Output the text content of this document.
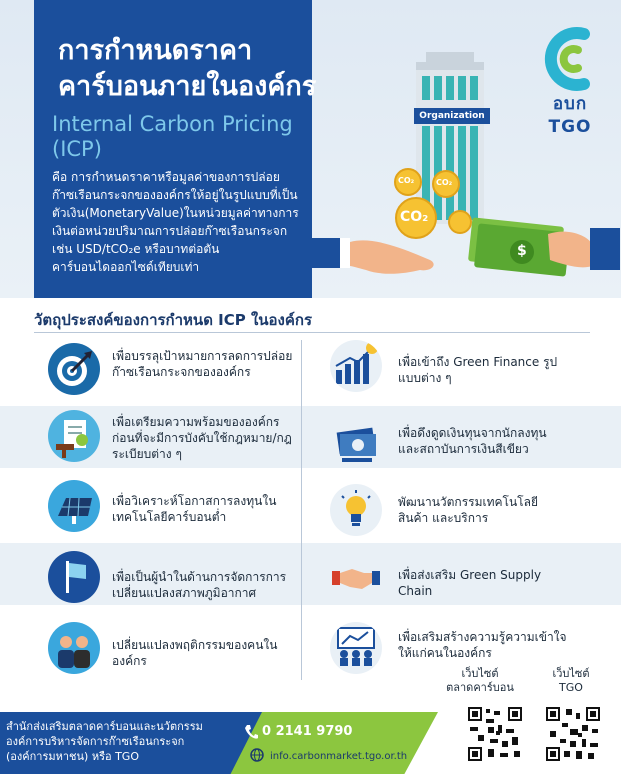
Organization
CO₂	CO₂
CO₂
$
การกำหนดราคา
คาร์บอนภายในองค์กร
Internal Carbon Pricing
(ICP)
คือ การกำหนดราคาหรือมูลค่าของการปล่อยก๊าซเรือนกระจกขององค์กรให้อยู่ในรูปแบบที่เป็นตัวเงิน(MonetaryValue)ในหน่วยมูลค่าทางการเงินต่อหน่วยปริมาณการปล่อยก๊าซเรือนกระจก เช่น USD/tCO₂e หรือบาทต่อตันคาร์บอนไดออกไซด์เทียบเท่า
อบก TGO
วัตถุประสงค์ของการกำหนด ICP ในองค์กร
เพื่อบรรลุเป้าหมายการลดการปล่อยก๊าซเรือนกระจกขององค์กร
เพื่อเตรียมความพร้อมขององค์กรก่อนที่จะมีการบังคับใช้กฎหมาย/กฎระเบียบต่าง ๆ
เพื่อวิเคราะห์โอกาสการลงทุนในเทคโนโลยีคาร์บอนต่ำ
เพื่อเป็นผู้นำในด้านการจัดการการเปลี่ยนแปลงสภาพภูมิอากาศ
เปลี่ยนแปลงพฤติกรรมของคนในองค์กร
เพื่อเข้าถึง Green Finance รูปแบบต่าง ๆ
เพื่อดึงดูดเงินทุนจากนักลงทุนและสถาบันการเงินสีเขียว
พัฒนานวัตกรรมเทคโนโลยี สินค้า และบริการ
เพื่อส่งเสริม Green Supply Chain
เพื่อเสริมสร้างความรู้ความเข้าใจให้แก่คนในองค์กร
เว็บไซต์
ตลาดคาร์บอน
เว็บไซต์
TGO
สำนักส่งเสริมตลาดคาร์บอนและนวัตกรรม
องค์การบริหารจัดการก๊าซเรือนกระจก
(องค์การมหาชน) หรือ TGO
0 2141 9790
info.carbonmarket.tgo.or.th
